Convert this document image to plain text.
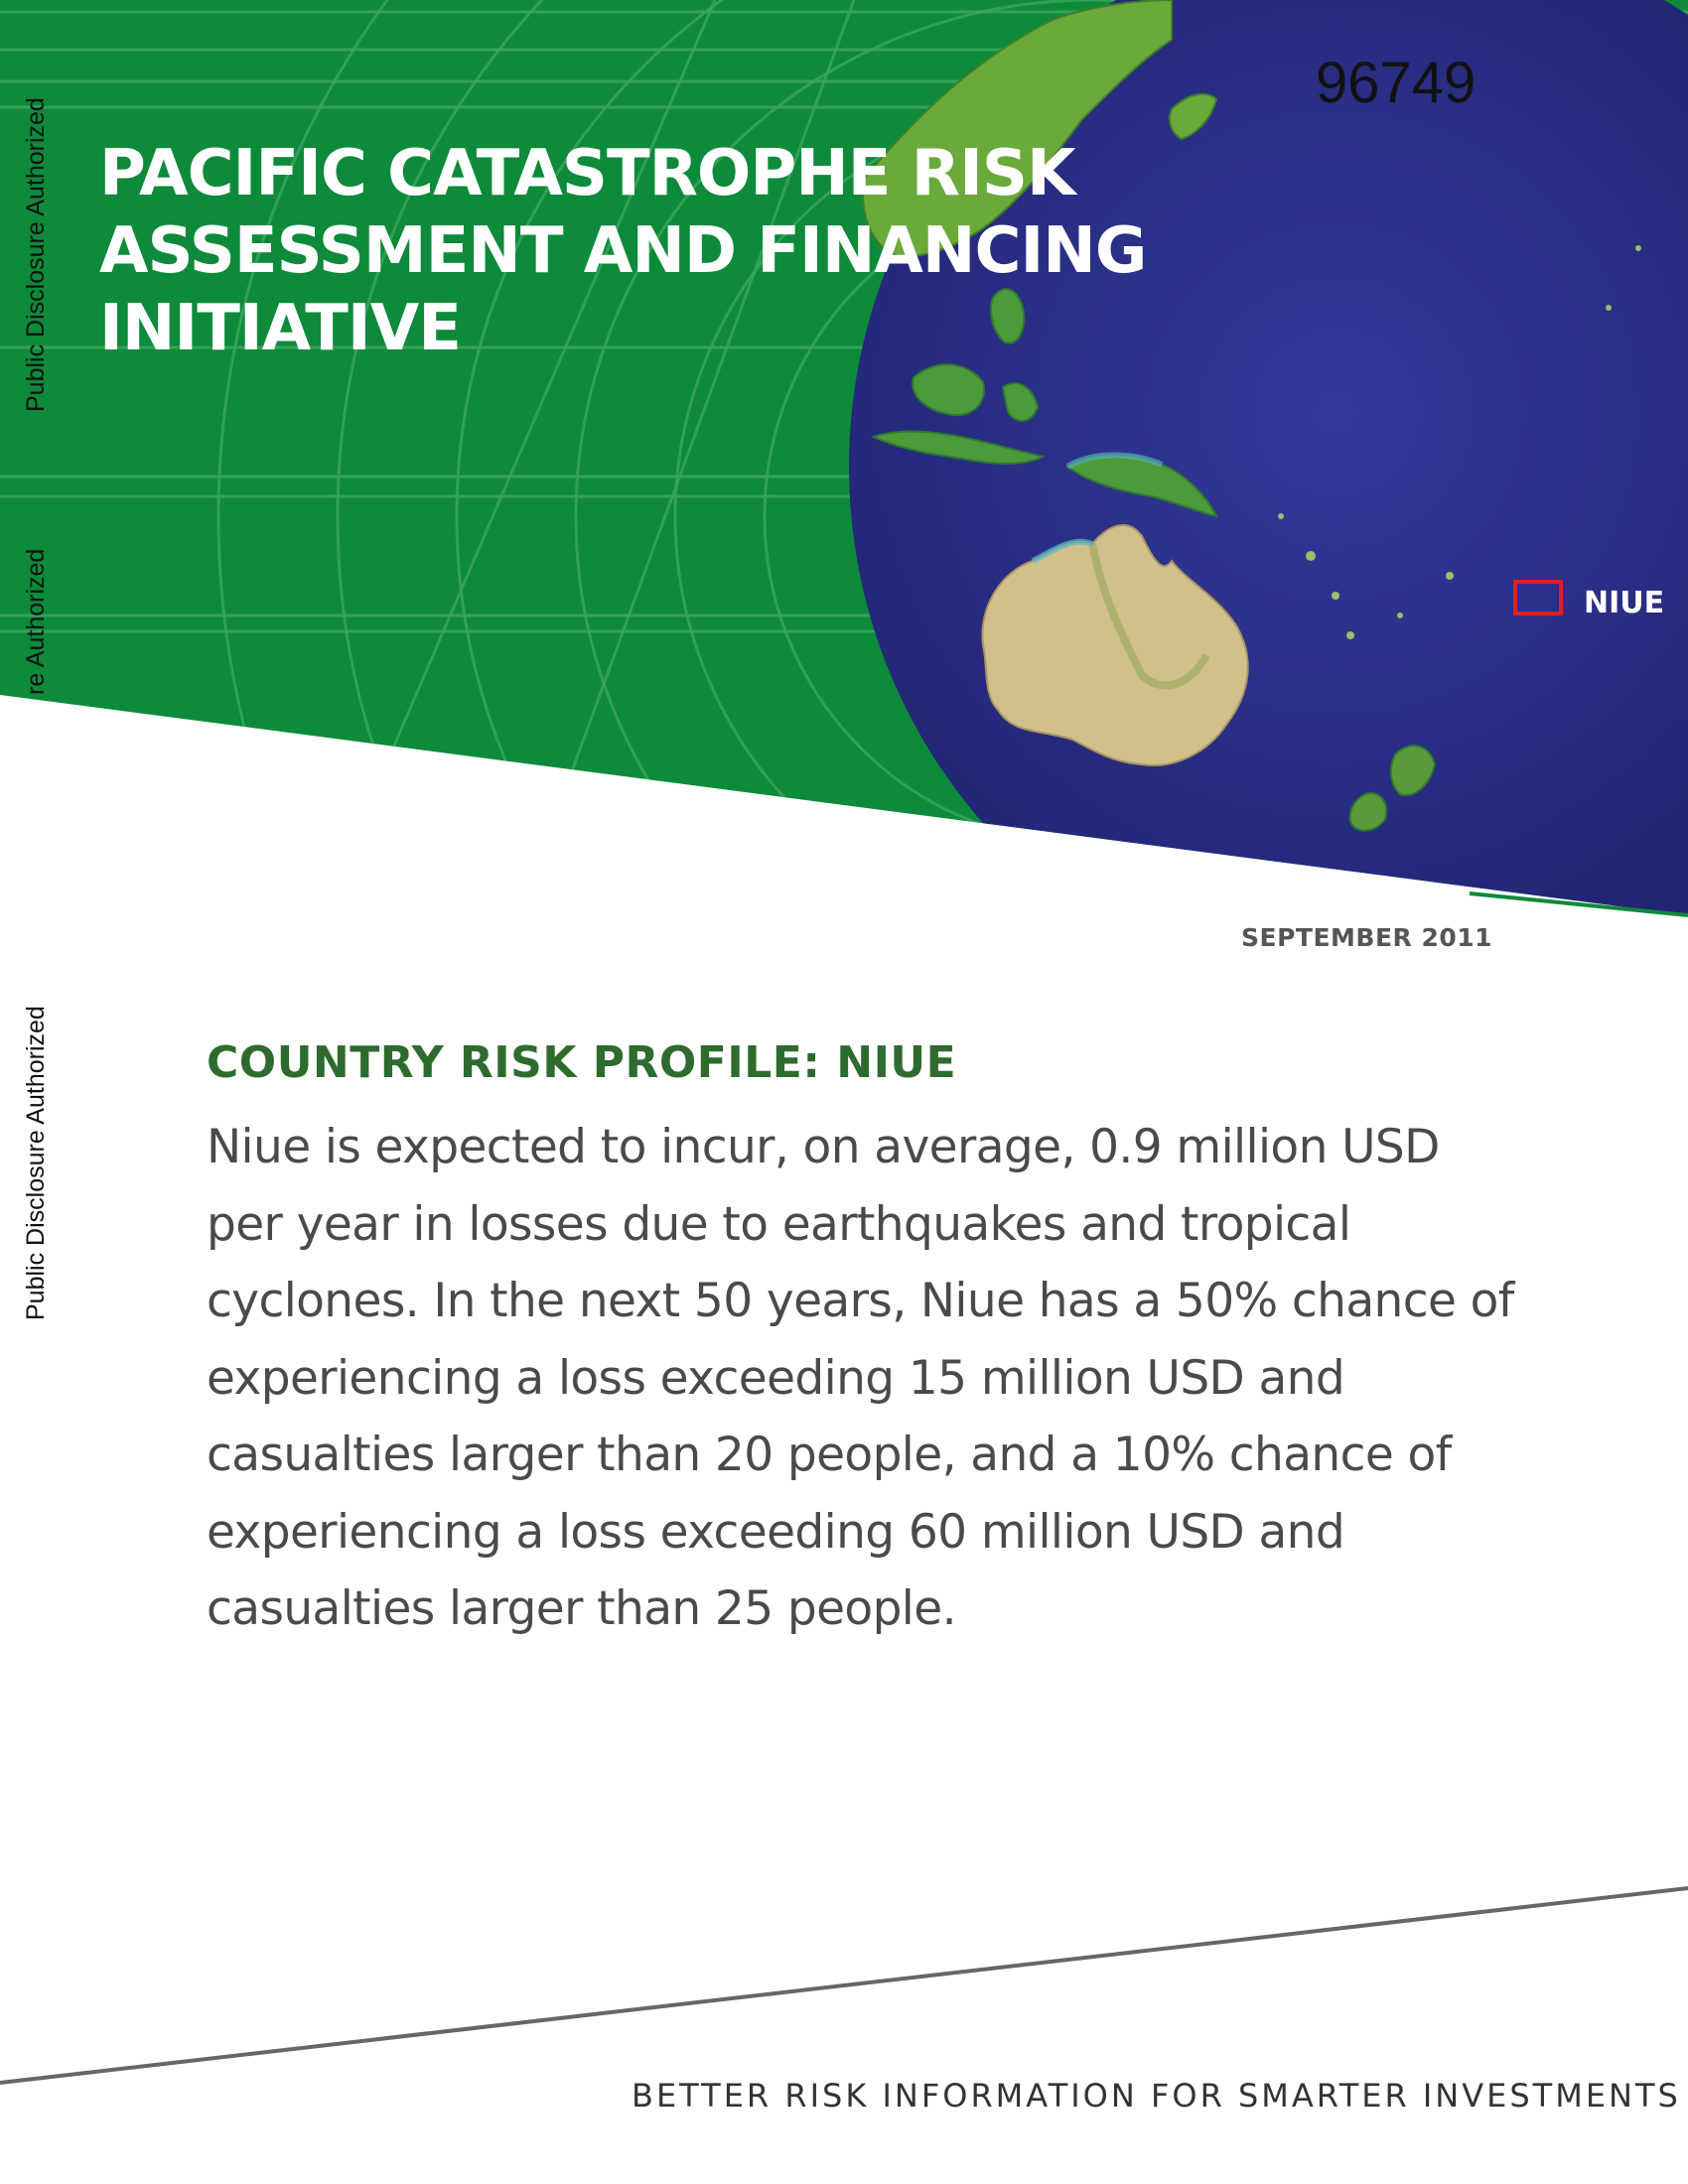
Public Disclosure Authorized
re Authorized
Public Disclosure Authorized
PACIFIC CATASTROPHE RISK
ASSESSMENT AND FINANCING
INITIATIVE
96749
NIUE
SEPTEMBER 2011
COUNTRY RISK PROFILE: NIUE

Niue is expected to incur, on average, 0.9 million USD per year in losses due to earthquakes and tropical cyclones. In the next 50 years, Niue has a 50% chance of experiencing a loss exceeding 15 million USD and casualties larger than 20 people, and a 10% chance of experiencing a loss exceeding 60 million USD and casualties larger than 25 people.

BETTER RISK INFORMATION FOR SMARTER INVESTMENTS
